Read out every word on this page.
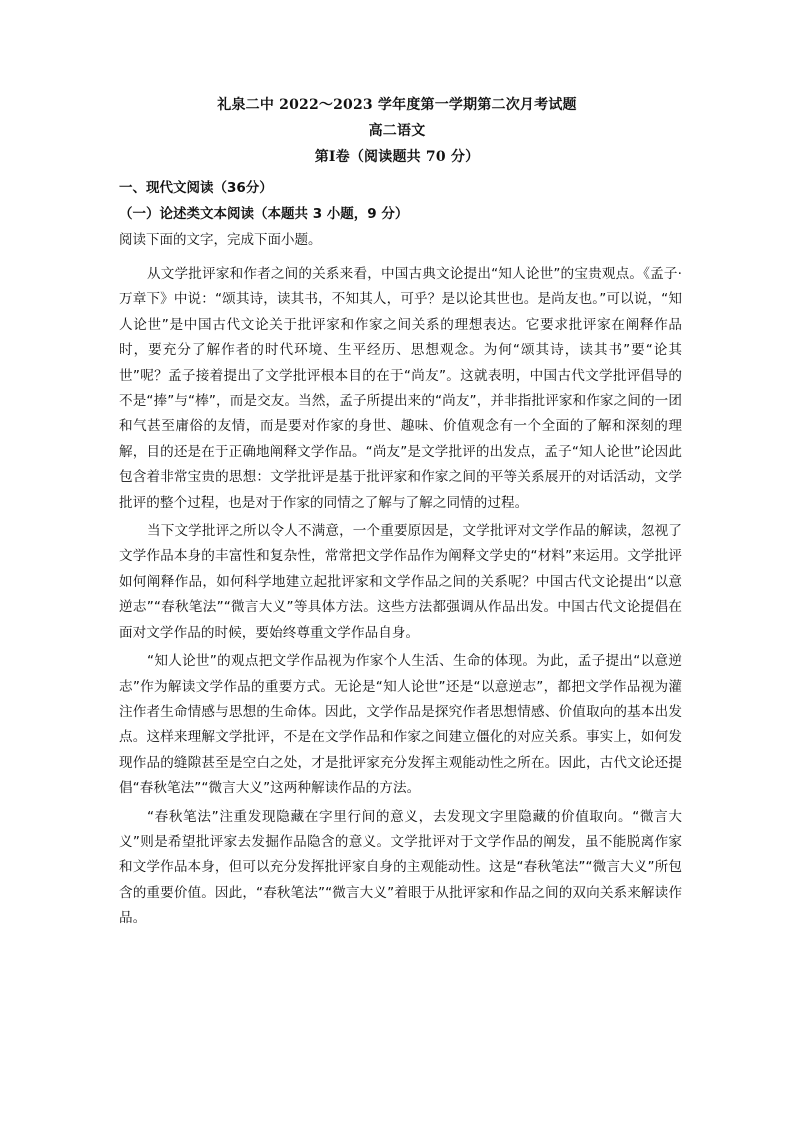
礼泉二中 2022～2023 学年度第一学期第二次月考试题
高二语文
第Ⅰ卷（阅读题共 70 分）
一、现代文阅读（36分）
（一）论述类文本阅读（本题共 3 小题，9 分）
阅读下面的文字，完成下面小题。

从文学批评家和作者之间的关系来看，中国古典文论提出“知人论世”的宝贵观点。《孟子·万章下》中说：“颂其诗，读其书，不知其人，可乎？是以论其世也。是尚友也。”可以说，“知人论世”是中国古代文论关于批评家和作家之间关系的理想表达。它要求批评家在阐释作品时，要充分了解作者的时代环境、生平经历、思想观念。为何“颂其诗，读其书”要“论其世”呢？孟子接着提出了文学批评根本目的在于“尚友”。这就表明，中国古代文学批评倡导的不是“捧”与“棒”，而是交友。当然，孟子所提出来的“尚友”，并非指批评家和作家之间的一团和气甚至庸俗的友情，而是要对作家的身世、趣味、价值观念有一个全面的了解和深刻的理解，目的还是在于正确地阐释文学作品。“尚友”是文学批评的出发点，孟子“知人论世”论因此包含着非常宝贵的思想：文学批评是基于批评家和作家之间的平等关系展开的对话活动，文学批评的整个过程，也是对于作家的同情之了解与了解之同情的过程。

当下文学批评之所以令人不满意，一个重要原因是，文学批评对文学作品的解读，忽视了文学作品本身的丰富性和复杂性，常常把文学作品作为阐释文学史的“材料”来运用。文学批评如何阐释作品，如何科学地建立起批评家和文学作品之间的关系呢？中国古代文论提出“以意逆志”“春秋笔法”“微言大义”等具体方法。这些方法都强调从作品出发。中国古代文论提倡在面对文学作品的时候，要始终尊重文学作品自身。

“知人论世”的观点把文学作品视为作家个人生活、生命的体现。为此，孟子提出“以意逆志”作为解读文学作品的重要方式。无论是“知人论世”还是“以意逆志”，都把文学作品视为灌注作者生命情感与思想的生命体。因此，文学作品是探究作者思想情感、价值取向的基本出发点。这样来理解文学批评，不是在文学作品和作家之间建立僵化的对应关系。事实上，如何发现作品的缝隙甚至是空白之处，才是批评家充分发挥主观能动性之所在。因此，古代文论还提倡“春秋笔法”“微言大义”这两种解读作品的方法。

“春秋笔法”注重发现隐藏在字里行间的意义，去发现文字里隐藏的价值取向。“微言大义”则是希望批评家去发掘作品隐含的意义。文学批评对于文学作品的阐发，虽不能脱离作家和文学作品本身，但可以充分发挥批评家自身的主观能动性。这是“春秋笔法”“微言大义”所包含的重要价值。因此，“春秋笔法”“微言大义”着眼于从批评家和作品之间的双向关系来解读作品。
